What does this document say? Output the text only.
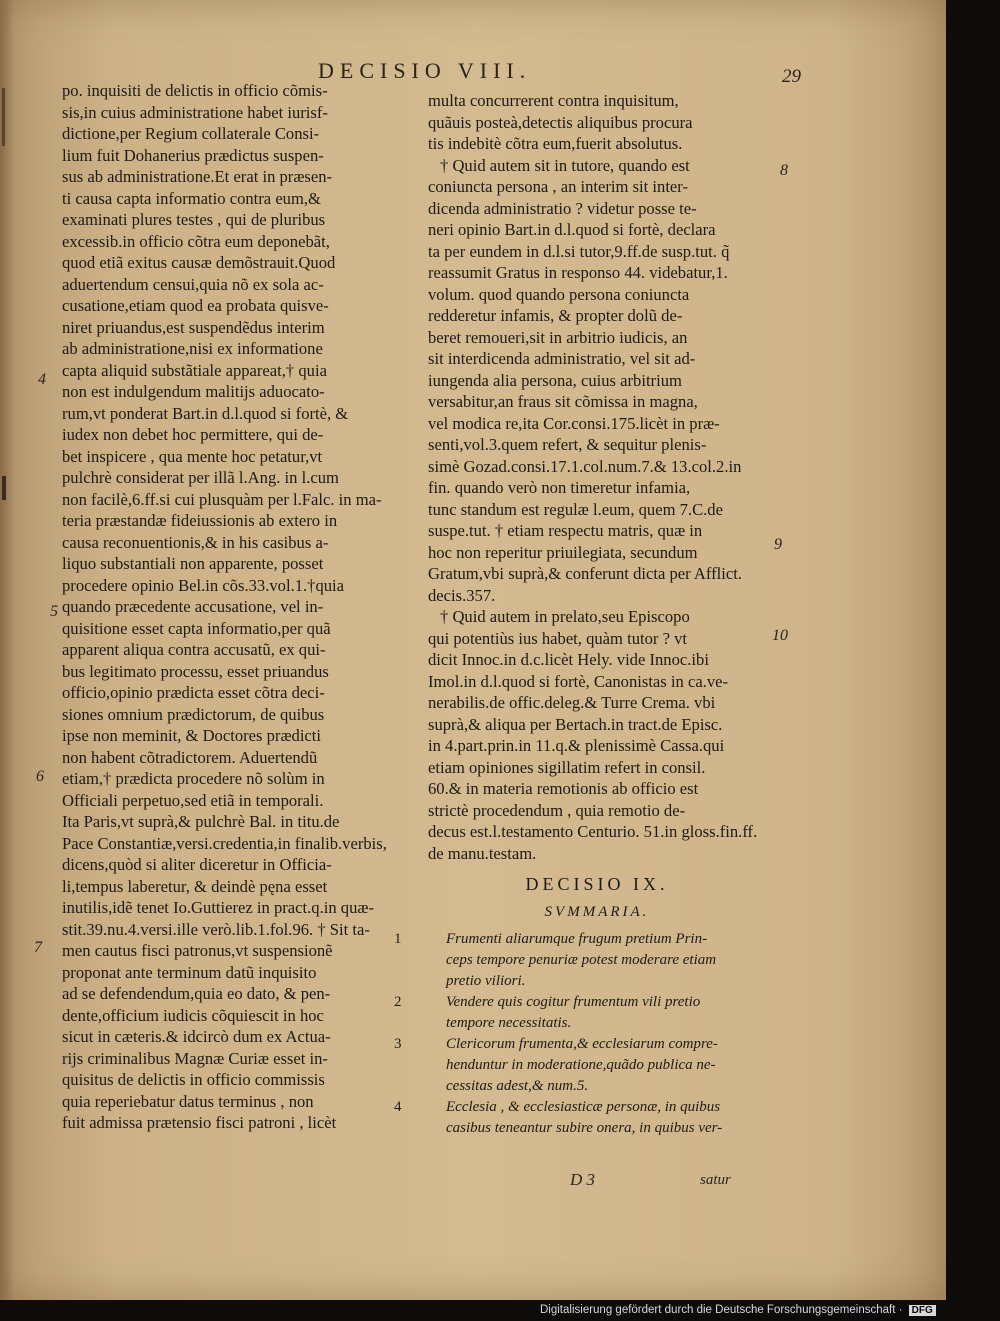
DECISIO VIII.	29

po. inquisiti de delictis in officio cõmis-

sis,in cuius administratione habet iurisf-

dictione,per Regium collaterale Consi-

lium fuit Dohanerius prædictus suspen-

sus ab administratione.Et erat in præsen-

ti causa capta informatio contra eum,&

examinati plures testes , qui de pluribus

excessib.in officio cõtra eum deponebãt,

quod etiã exitus causæ demõstrauit.Quod

aduertendum censui,quia nõ ex sola ac-

cusatione,etiam quod ea probata quisve-

niret priuandus,est suspendẽdus interim

ab administratione,nisi ex informatione

capta aliquid substãtiale appareat,† quia

non est indulgendum malitijs aduocato-

rum,vt ponderat Bart.in d.l.quod si fortè, &

iudex non debet hoc permittere, qui de-

bet inspicere , qua mente hoc petatur,vt

pulchrè considerat per illã l.Ang. in l.cum

non facilè,6.ff.si cui plusquàm per l.Falc. in ma-

teria præstandæ fideiussionis ab extero in

causa reconuentionis,& in his casibus a-

liquo substantiali non apparente, posset

procedere opinio Bel.in cõs.33.vol.1.†quia

quando præcedente accusatione, vel in-

quisitione esset capta informatio,per quã

apparent aliqua contra accusatũ, ex qui-

bus legitimato processu, esset priuandus

officio,opinio prædicta esset cõtra deci-

siones omnium prædictorum, de quibus

ipse non meminit, & Doctores prædicti

non habent cõtradictorem. Aduertendũ

etiam,† prædicta procedere nõ solùm in

Officiali perpetuo,sed etiã in temporali.

Ita Paris,vt suprà,& pulchrè Bal. in titu.de

Pace Constantiæ,versi.credentia,in finalib.verbis,

dicens,quòd si aliter diceretur in Officia-

li,tempus laberetur, & deindè pęna esset

inutilis,idẽ tenet Io.Guttierez in pract.q.in quæ-

stit.39.nu.4.versi.ille verò.lib.1.fol.96. † Sit ta-

men cautus fisci patronus,vt suspensionẽ

proponat ante terminum datũ inquisito

ad se defendendum,quia eo dato, & pen-

dente,officium iudicis cõquiescit in hoc

sicut in cæteris.& idcircò dum ex Actua-

rijs criminalibus Magnæ Curiæ esset in-

quisitus de delictis in officio commissis

quia reperiebatur datus terminus , non

fuit admissa prætensio fisci patroni , licèt

4
5
6
7

multa concurrerent contra inquisitum,

quãuis posteà,detectis aliquibus procura

tis indebitè cõtra eum,fuerit absolutus.

† Quid autem sit in tutore, quando est

coniuncta persona , an interim sit inter-

dicenda administratio ? videtur posse te-

neri opinio Bart.in d.l.quod si fortè, declara

ta per eundem in d.l.si tutor,9.ff.de susp.tut. q̃

reassumit Gratus in responso 44. videbatur,1.

volum. quod quando persona coniuncta

redderetur infamis, & propter dolũ de-

beret remoueri,sit in arbitrio iudicis, an

sit interdicenda administratio, vel sit ad-

iungenda alia persona, cuius arbitrium

versabitur,an fraus sit cõmissa in magna,

vel modica re,ita Cor.consi.175.licèt in præ-

senti,vol.3.quem refert, & sequitur plenis-

simè Gozad.consi.17.1.col.num.7.& 13.col.2.in

fin. quando verò non timeretur infamia,

tunc standum est regulæ l.eum, quem 7.C.de

suspe.tut. † etiam respectu matris, quæ in

hoc non reperitur priuilegiata, secundum

Gratum,vbi suprà,& conferunt dicta per Afflict.

decis.357.

† Quid autem in prelato,seu Episcopo

qui potentiùs ius habet, quàm tutor ? vt

dicit Innoc.in d.c.licèt Hely. vide Innoc.ibi

Imol.in d.l.quod si fortè, Canonistas in ca.ve-

nerabilis.de offic.deleg.& Turre Crema. vbi

suprà,& aliqua per Bertach.in tract.de Episc.

in 4.part.prin.in 11.q.& plenissimè Cassa.qui

etiam opiniones sigillatim refert in consil.

60.& in materia remotionis ab officio est

strictè procedendum , quia remotio de-

decus est.l.testamento Centurio. 51.in gloss.fin.ff.

de manu.testam.

DECISIO IX.
SVMMARIA.
1	Frumenti aliarumque frugum pretium Prin-
ceps tempore penuriæ potest moderare etiam
pretio viliori.
2	Vendere quis cogitur frumentum vili pretio
tempore necessitatis.
3	Clericorum frumenta,& ecclesiarum compre-
henduntur in moderatione,quãdo publica ne-
cessitas adest,& num.5.
4	Ecclesia , & ecclesiasticæ personæ, in quibus
casibus teneantur subire onera, in quibus ver-
8
9
10
D 3	satur
Digitalisierung gefördert durch die Deutsche Forschungsgemeinschaft · DFG
